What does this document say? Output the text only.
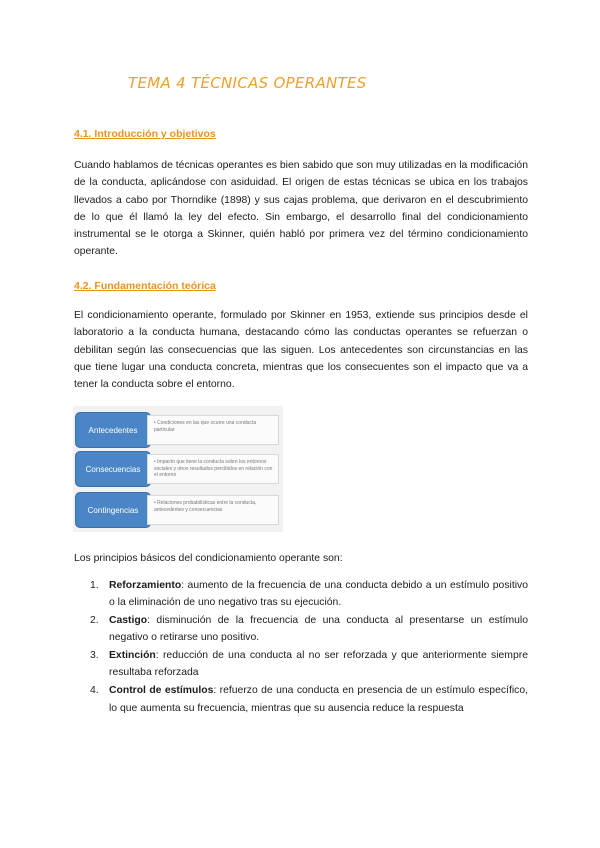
TEMA 4 TÉCNICAS OPERANTES
4.1. Introducción y objetivos
Cuando hablamos de técnicas operantes es bien sabido que son muy utilizadas en la modificación de la conducta, aplicándose con asiduidad. El origen de estas técnicas se ubica en los trabajos llevados a cabo por Thorndike (1898) y sus cajas problema, que derivaron en el descubrimiento de lo que él llamó la ley del efecto. Sin embargo, el desarrollo final del condicionamiento instrumental se le otorga a Skinner, quién habló por primera vez del término condicionamiento operante.
4.2. Fundamentación teórica
El condicionamiento operante, formulado por Skinner en 1953, extiende sus principios desde el laboratorio a la conducta humana, destacando cómo las conductas operantes se refuerzan o debilitan según las consecuencias que las siguen. Los antecedentes son circunstancias en las que tiene lugar una conducta concreta, mientras que los consecuentes son el impacto que va a tener la conducta sobre el entorno.
Antecedentes
• Condiciones en las que ocurre una conducta particular
Consecuencias
• Impacto que tiene la conducta sobre los entornos sociales y otros resultados percibidos en relación con el entorno
Contingencias
• Relaciones probabilísticas entre la conducta, antecedentes y consecuencias
Los principios básicos del condicionamiento operante son:
1. Reforzamiento: aumento de la frecuencia de una conducta debido a un estímulo positivo o la eliminación de uno negativo tras su ejecución.
2. Castigo: disminución de la frecuencia de una conducta al presentarse un estímulo negativo o retirarse uno positivo.
3. Extinción: reducción de una conducta al no ser reforzada y que anteriormente siempre resultaba reforzada
4. Control de estímulos: refuerzo de una conducta en presencia de un estímulo específico, lo que aumenta su frecuencia, mientras que su ausencia reduce la respuesta
